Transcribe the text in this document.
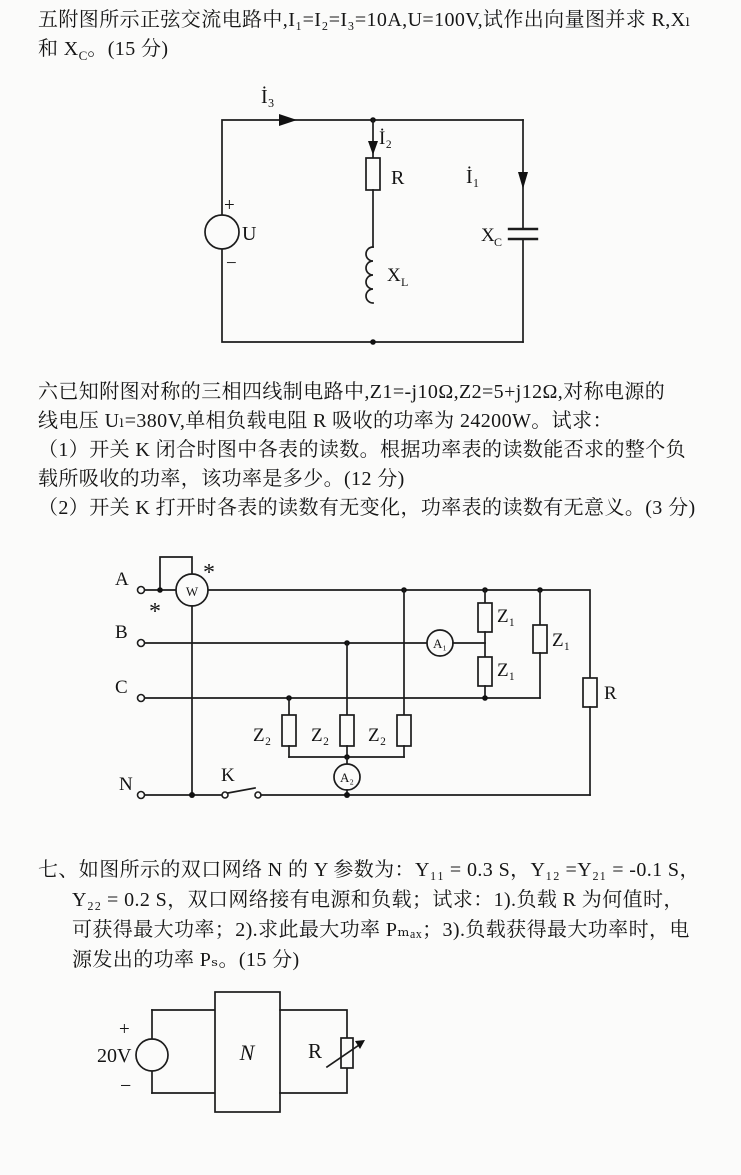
五附图所示正弦交流电路中,I₁=I₂=I₃=10A,U=100V,试作出向量图并求 R,Xₗ
和 $X_C$。(15 分)
İ₃
İ₂
R
X L
İ₁
X C
+
−
U
六已知附图对称的三相四线制电路中,Z1=-j10Ω,Z2=5+j12Ω,对称电源的
线电压 Uₗ=380V,单相负载电阻 R 吸收的功率为 24200W。试求：
（1）开关 K 闭合时图中各表的读数。根据功率表的读数能否求的整个负
载所吸收的功率，该功率是多少。(12 分)
（2）开关 K 打开时各表的读数有无变化，功率表的读数有无意义。(3 分)
A
W
*
*
B
A₁
C
Z₁
Z₁
Z₁
R
Z₂ Z₂ Z₂
A₂
N	K
七、如图所示的双口网络 N 的 Y 参数为：Y₁₁ = 0.3 S，Y₁₂ =Y₂₁ = -0.1 S，
Y₂₂ = 0.2 S，双口网络接有电源和负载；试求：1).负载 R 为何值时，
可获得最大功率；2).求此最大功率 Pₘₐₓ；3).负载获得最大功率时，电
源发出的功率 Pₛ。(15 分)
+
20V
−
N	R
